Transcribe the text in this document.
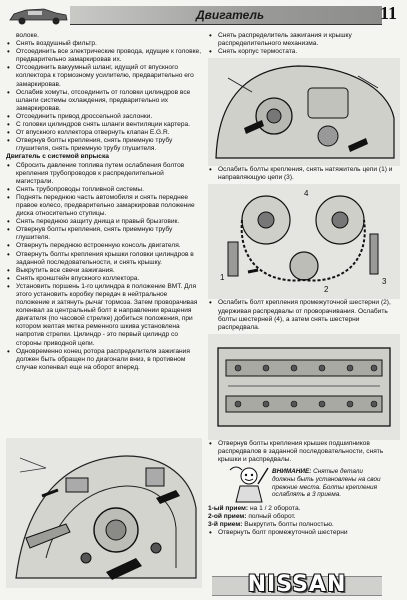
Двигатель	11
волоке.
• Снять воздушный фильтр.
• Отсоединить все электрические провода, идущие к головке, предварительно замаркировав их.
• Отсоединить вакуумный шланг, идущий от впускного коллектора к тормозному усилителю, предварительно его замаркировав.
• Ослабив хомуты, отсоединить от головки цилиндров все шланги системы охлаждения, предварительно их замаркировав.
• Отсоединить привод дроссельной заслонки.
• С головки цилиндров снять шланги вентиляции картера.
• От впускного коллектора отвернуть клапан E.G.R.
• Отвернув болты крепления, снять приемную трубу глушителя, снять приемную трубу глушителя.

Двигатель с системой впрыска

• Сбросить давление топлива путем ослабления болтов крепления трубопроводов к распределительной магистрали.
• Снять трубопроводы топливной системы.
• Поднять переднюю часть автомобиля и снять переднее правое колесо, предварительно замаркировав положение диска относительно ступицы.
• Снять переднюю защиту днища и правый брызговик.
• Отвернув болты крепления, снять приемную трубу глушителя.
• Отвернуть переднюю встроенную консоль двигателя.
• Отвернуть болты крепления крышки головки цилиндров в заданной последовательности, и снять крышку.
• Выкрутить все свечи зажигания.
• Снять кронштейн впускного коллектора.
• Установить поршень 1-го цилиндра в положение ВМТ. Для этого установить коробку передач в нейтральное положение и затянуть рычаг тормоза. Затем проворачивая коленвал за центральный болт в направлении вращения двигателя (по часовой стрелке) добиться положения, при котором желтая метка ременного шкива установлена напротив стрелки. Цилиндр - это первый цилиндр со стороны приводной цепи.
• Одновременно конец ротора распределителя зажигания должен быть обращен по диагонали вниз, в противном случае коленвал еще на оборот вперед.
• Снять распределитель зажигания и крышку распределительного механизма.
• Снять корпус термостата.
• Ослабить болты крепления, снять натяжитель цепи (1) и направляющую цепи (3).
1
2
3
4
• Ослабить болт крепления промежуточной шестерни (2), удерживая распредвалы от проворачивания. Ослабить болты шестерней (4), а затем снять шестерни распредвала.
• Отвернув болты крепления крышек подшипников распредвалов в заданной последовательности, снять крышки и распредвалы.
ВНИМАНИЕ: Снятые детали должны быть установлены на свои прежние места. Болты крепления ослаблять в 3 приема.
1-ый прием: на 1 / 2 оборота.
2-ой прием: полный оборот.
3-й прием: Выкрутить болты полностью.
• Отвернуть болт промежуточной шестерни
NISSAN
